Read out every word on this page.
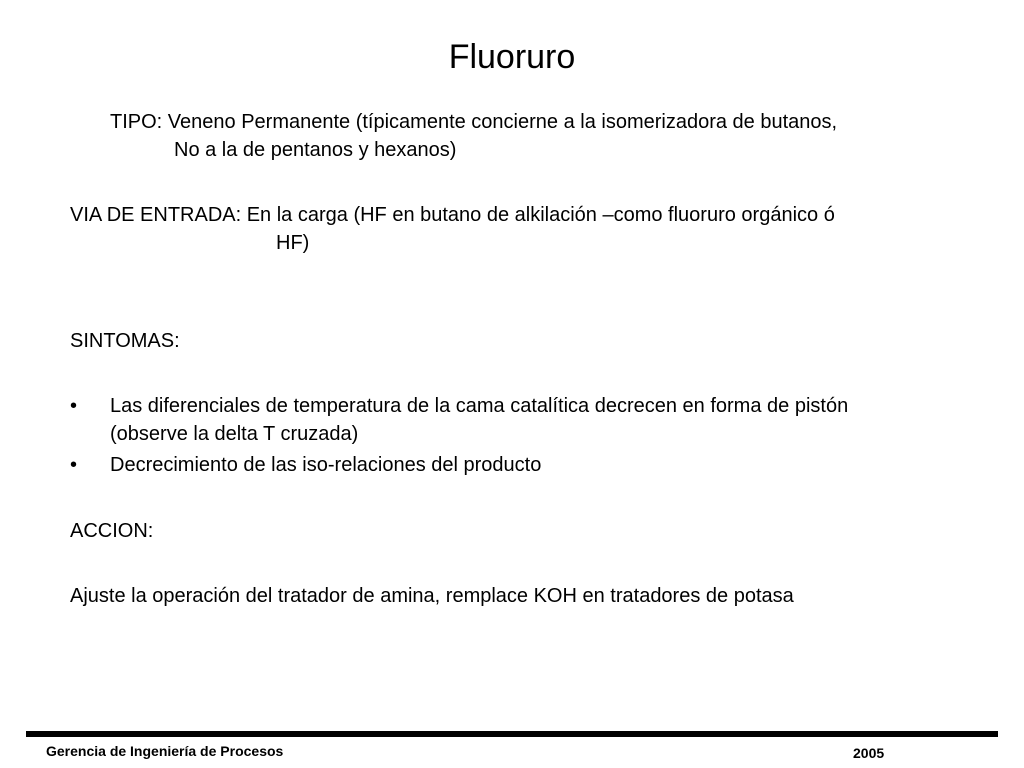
Fluoruro
TIPO: Veneno Permanente (típicamente concierne a la isomerizadora de butanos,
No a la de pentanos y hexanos)
VIA DE ENTRADA: En la carga (HF en butano de alkilación –como fluoruro orgánico ó
HF)
SINTOMAS:
• Las diferenciales de temperatura de la cama catalítica decrecen en forma de pistón
(observe la delta T cruzada)
• Decrecimiento de las iso-relaciones del producto
ACCION:
Ajuste la operación del tratador de amina, remplace KOH en tratadores de potasa
Gerencia de Ingeniería de Procesos	2005
